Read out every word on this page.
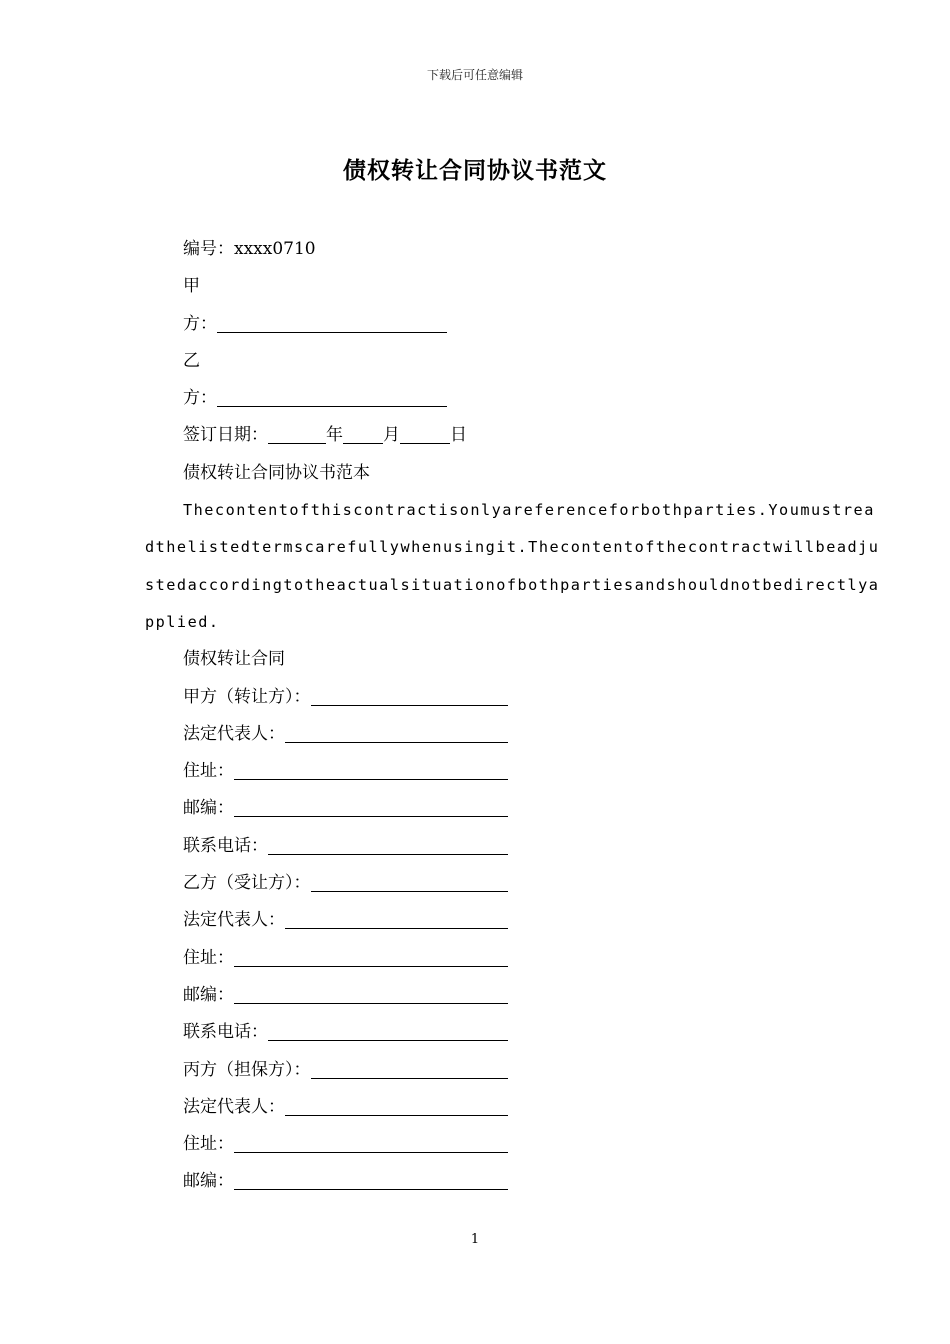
下载后可任意编辑
债权转让合同协议书范文
编号：xxxx0710
甲
方：
乙
方：
签订日期：	年 月	日
债权转让合同协议书范本
Thecontentofthiscontractisonlyareferenceforbothparties.Youmustrea
dthelistedtermscarefullywhenusingit.Thecontentofthecontractwillbeadju
stedaccordingtotheactualsituationofbothpartiesandshouldnotbedirectlya
pplied.
债权转让合同
甲方（转让方）：
法定代表人：
住址：
邮编：
联系电话：
乙方（受让方）：
法定代表人：
住址：
邮编：
联系电话：
丙方（担保方）：
法定代表人：
住址：
邮编：
1
